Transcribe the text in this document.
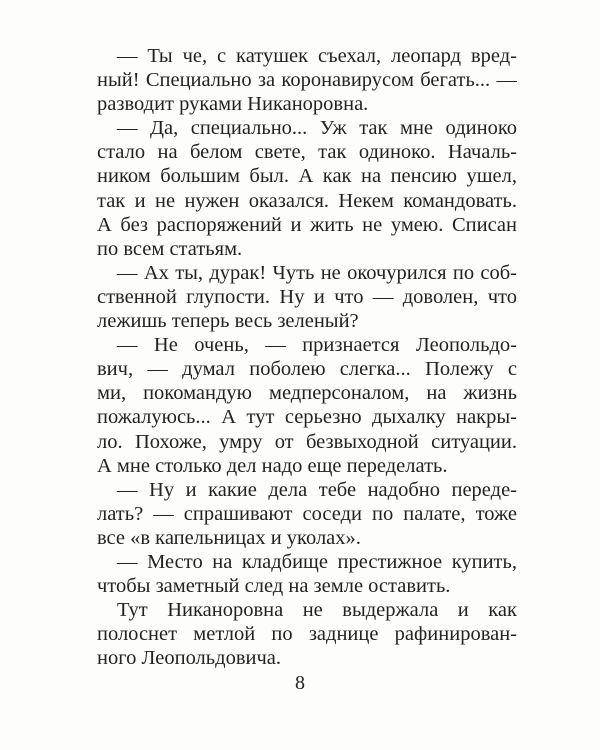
— Ты че, с катушек съехал, леопард вред-
ный! Специально за коронавирусом бегать... —
разводит руками Никаноровна.
— Да, специально... Уж так мне одиноко
стало на белом свете, так одиноко. Началь-
ником большим был. А как на пенсию ушел,
так и не нужен оказался. Некем командовать.
А без распоряжений и жить не умею. Списан
по всем статьям.
— Ах ты, дурак! Чуть не окочурился по соб-
ственной глупости. Ну и что — доволен, что
лежишь теперь весь зеленый?
— Не очень, — признается Леопольдо-
вич, — думал поболею слегка... Полежу с
ми, покомандую медперсоналом, на жизнь
пожалуюсь... А тут серьезно дыхалку накры-
ло. Похоже, умру от безвыходной ситуации.
А мне столько дел надо еще переделать.
— Ну и какие дела тебе надобно переде-
лать? — спрашивают соседи по палате, тоже
все «в капельницах и уколах».
— Место на кладбище престижное купить,
чтобы заметный след на земле оставить.
Тут Никаноровна не выдержала и как
полоснет метлой по заднице рафинирован-
ного Леопольдовича.
8
